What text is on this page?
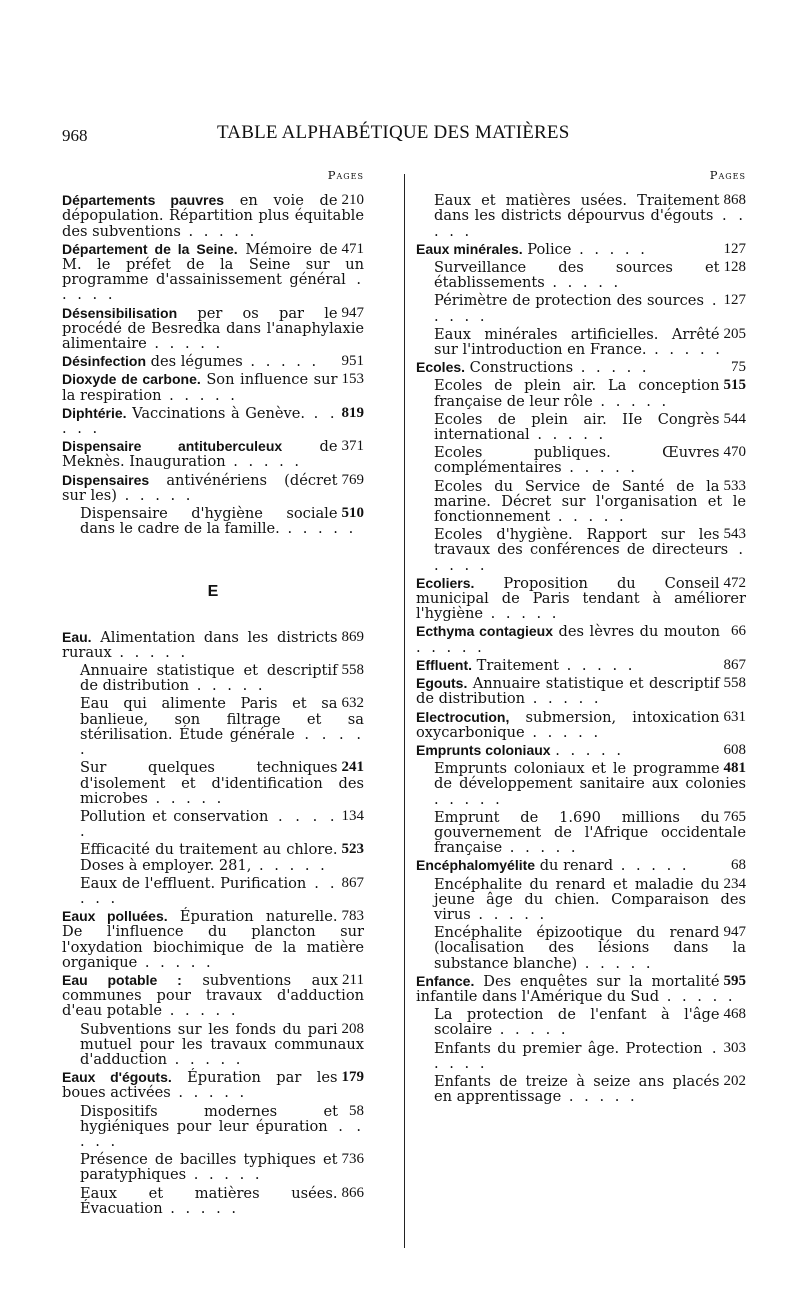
968	TABLE ALPHABÉTIQUE DES MATIÈRES
Pages
210
Départements pauvres en voie de dépopulation. Répartition plus équitable des subventions . . . . .
471
Département de la Seine. Mémoire de M. le préfet de la Seine sur un programme d'assainissement général . . . . .
947
Désensibilisation per os par le procédé de Besredka dans l'anaphylaxie alimentaire . . . . .
951
Désinfection des légumes . . . . .
153
Dioxyde de carbone. Son influence sur la respiration . . . . .
819
Diphtérie. Vaccinations à Genève. . . . . .
371
Dispensaire antituberculeux	de Meknès. Inauguration . . . . .
769
Dispensaires antivénériens (décret sur les) . . . . .
510
Dispensaire d'hygiène sociale dans le cadre de la famille. . . . . .
E
869
Eau. Alimentation dans les districts ruraux . . . . .
558
Annuaire statistique et descriptif de distribution . . . . .
632
Eau qui alimente Paris et sa banlieue, son filtrage et sa stérilisation. Étude générale . . . . .
241
Sur quelques techniques d'isolement et d'identification des microbes . . . . .
134
Pollution et conservation . . . . .
523
Efficacité du traitement au chlore. Doses à employer. 281, . . . . .
867
Eaux de l'effluent. Purification . . . . .
783
Eaux polluées. Épuration naturelle. De l'influence du plancton sur l'oxydation biochimique de la matière organique . . . . .
211
Eau potable : subventions aux communes pour travaux d'adduction d'eau potable . . . . .
208
Subventions sur les fonds du pari mutuel pour les travaux communaux d'adduction . . . . .
179
Eaux d'égouts. Épuration par les boues activées . . . . .
58
Dispositifs modernes et hygiéniques pour leur épuration . . . . .
736
Présence de bacilles typhiques et paratyphiques . . . . .
866
Eaux et matières usées. Évacuation . . . . .
Pages
868
Eaux et matières usées. Traitement dans les districts dépourvus d'égouts . . . . .
127
Eaux minérales. Police . . . . .
128
Surveillance des sources et établissements . . . . .
127
Périmètre de protection des sources . . . . .
205
Eaux minérales artificielles. Arrêté sur l'introduction en France. . . . . .
75
Ecoles. Constructions . . . . .
515
Ecoles de plein air. La conception française de leur rôle . . . . .
544
Ecoles de plein air. IIe Congrès international . . . . .
470
Ecoles publiques. Œuvres complémentaires . . . . .
533
Ecoles du Service de Santé de la marine. Décret sur l'organisation et le fonctionnement . . . . .
543
Ecoles d'hygiène. Rapport sur les travaux des conférences de directeurs . . . . .
472
Ecoliers. Proposition du Conseil municipal de Paris tendant à améliorer l'hygiène . . . . .
66
Ecthyma contagieux des lèvres du mouton . . . . .
867
Effluent. Traitement . . . . .
558
Egouts. Annuaire statistique et descriptif de distribution . . . . .
631
Electrocution, submersion, intoxication oxycarbonique . . . . .
608
Emprunts coloniaux . . . . .
481
Emprunts coloniaux et le programme de développement sanitaire aux colonies . . . . .
765
Emprunt de 1.690 millions du gouvernement de l'Afrique occidentale française . . . . .
68
Encéphalomyélite du renard . . . . .
234
Encéphalite du renard et maladie du jeune âge du chien. Comparaison des virus . . . . .
947
Encéphalite épizootique du renard (localisation des lésions dans la substance blanche) . . . . .
595
Enfance. Des enquêtes sur la mortalité infantile dans l'Amérique du Sud . . . . .
468
La protection de l'enfant à l'âge scolaire . . . . .
303
Enfants du premier âge. Protection . . . . .
202
Enfants de treize à seize ans placés en apprentissage . . . . .
